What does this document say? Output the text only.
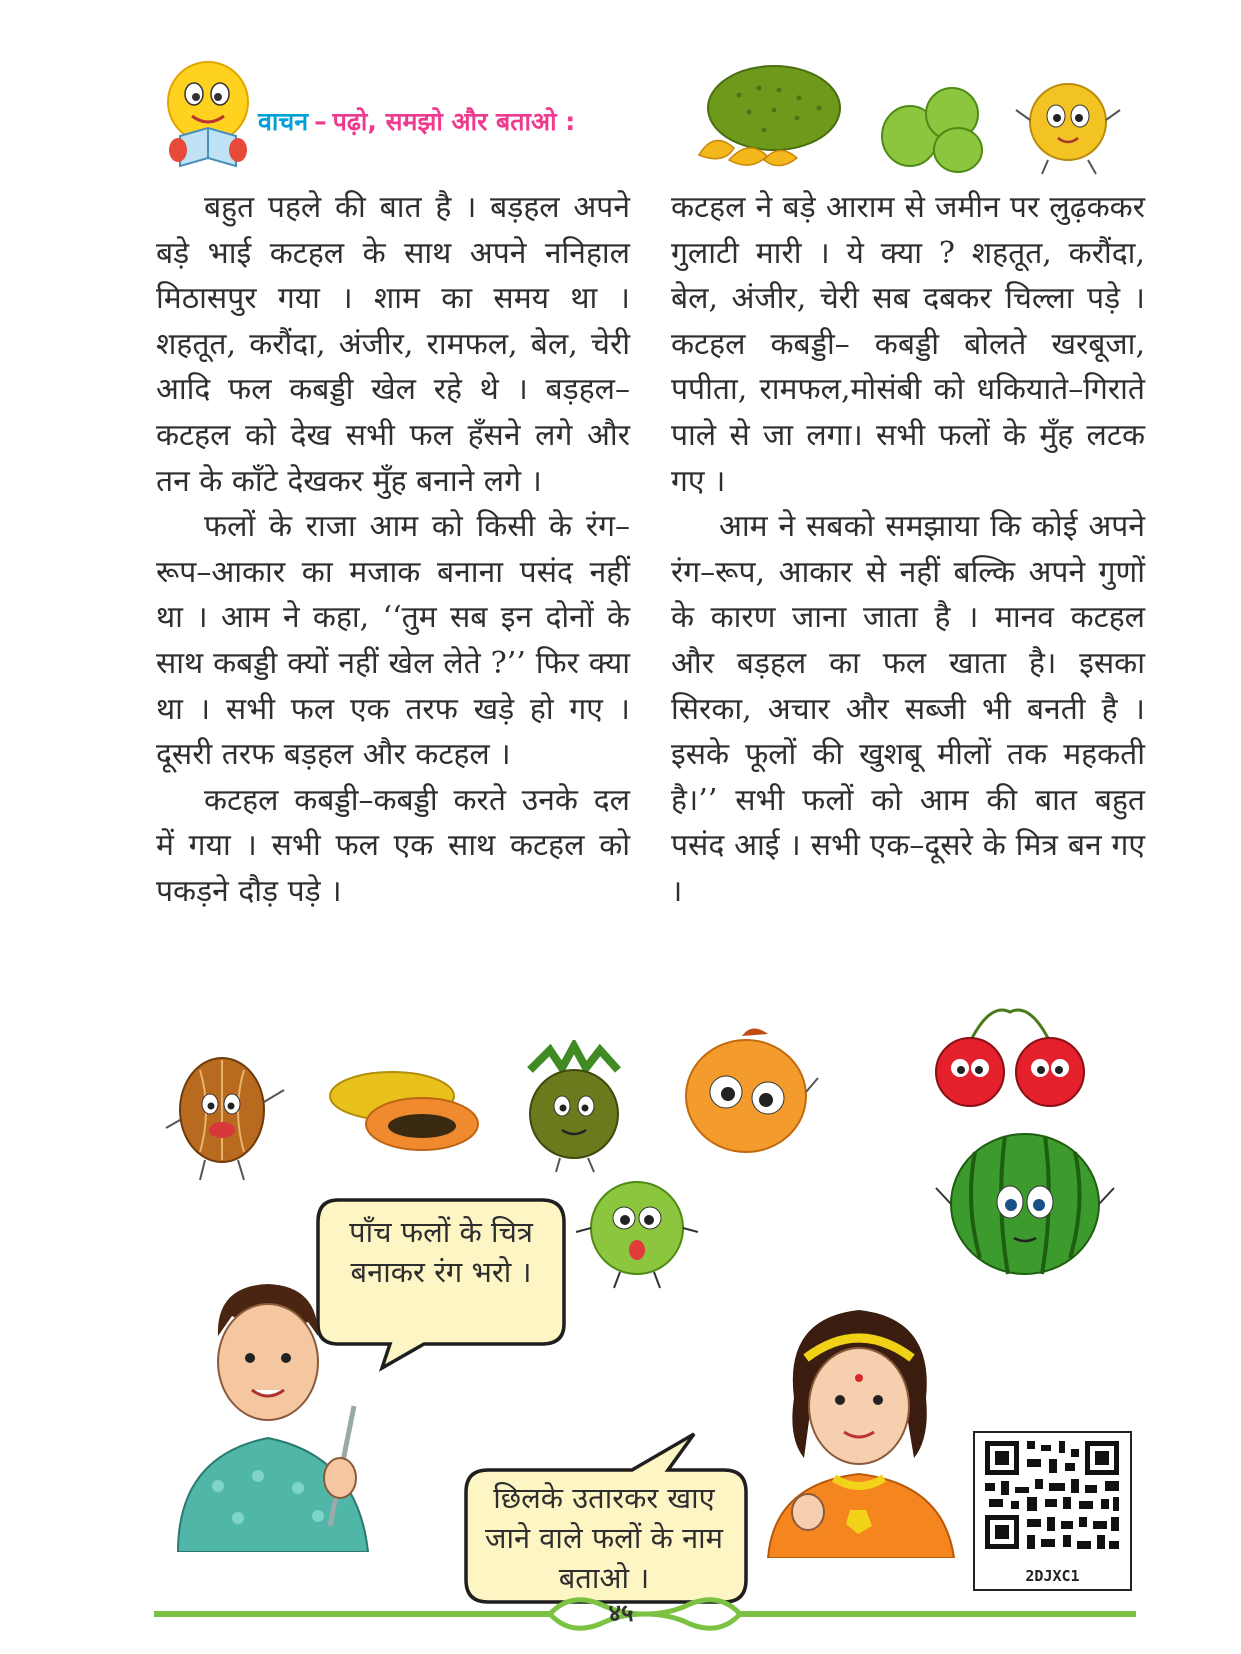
वाचन – पढ़ो, समझो और बताओ :

बहुत पहले की बात है । बड़हल अपने बड़े भाई कटहल के साथ अपने ननिहाल मिठासपुर गया । शाम का समय था । शहतूत, करौंदा, अंजीर, रामफल, बेल, चेरी आदि फल कबड्डी खेल रहे थे । बड़हल–कटहल को देख सभी फल हँसने लगे और तन के काँटे देखकर मुँह बनाने लगे ।

फलों के राजा आम को किसी के रंग–रूप–आकार का मजाक बनाना पसंद नहीं था । आम ने कहा, ‘‘तुम सब इन दोनों के साथ कबड्डी क्यों नहीं खेल लेते ?’’ फिर क्या था । सभी फल एक तरफ खड़े हो गए । दूसरी तरफ बड़हल और कटहल ।

कटहल कबड्डी–कबड्डी करते उनके दल में गया । सभी फल एक साथ कटहल को पकड़ने दौड़ पड़े ।

कटहल ने बड़े आराम से जमीन पर लुढ़ककर गुलाटी मारी । ये क्या ? शहतूत, करौंदा, बेल, अंजीर, चेरी सब दबकर चिल्ला पड़े । कटहल कबड्डी– कबड्डी बोलते खरबूजा, पपीता, रामफल,मोसंबी को धकियाते–गिराते पाले से जा लगा। सभी फलों के मुँह लटक गए ।

आम ने सबको समझाया कि कोई अपने रंग–रूप, आकार से नहीं बल्कि अपने गुणों के कारण जाना जाता है । मानव कटहल और बड़हल का फल खाता है। इसका सिरका, अचार और सब्जी भी बनती है । इसके फूलों की खुशबू मीलों तक महकती है।’’ सभी फलों को आम की बात बहुत पसंद आई । सभी एक–दूसरे के मित्र बन गए ।

पाँच फलों के चित्र बनाकर रंग भरो ।
छिलके उतारकर खाए जाने वाले फलों के नाम बताओ ।	2DJXC1
४५
